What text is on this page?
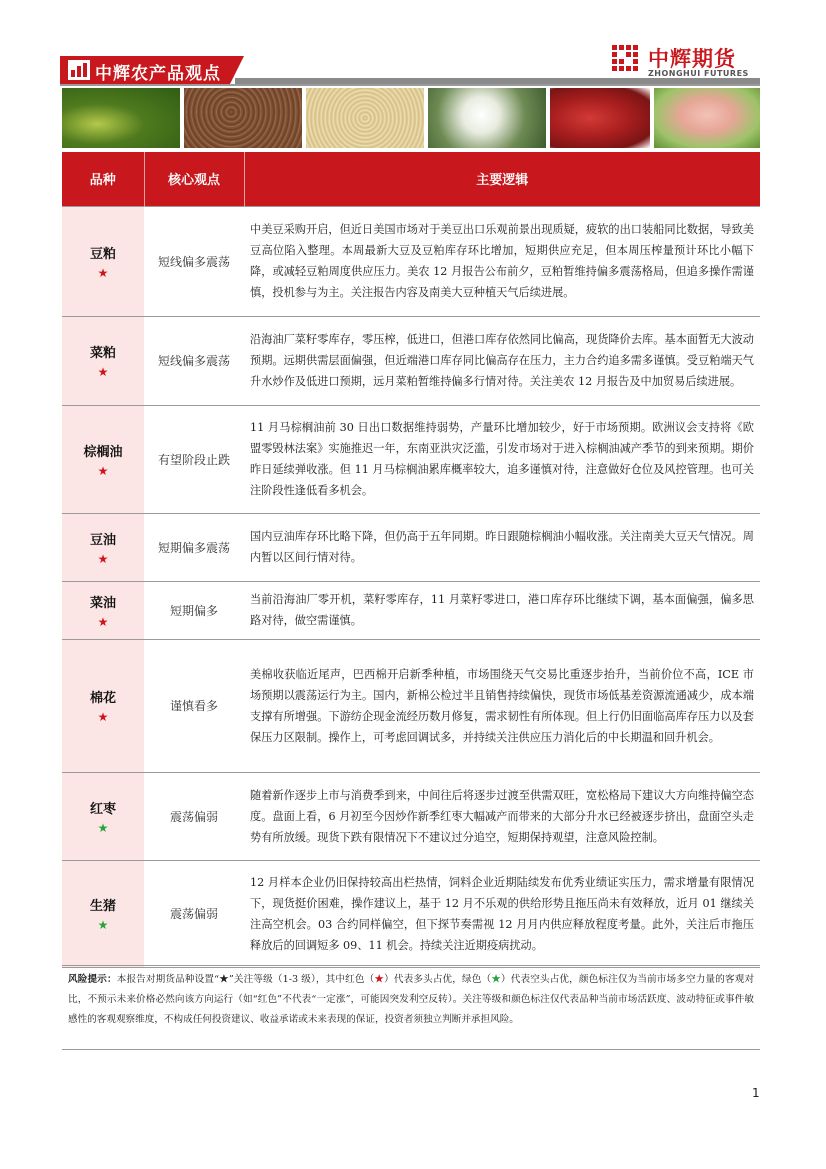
中辉农产品观点
中辉期货
ZHONGHUI FUTURES
品种	核心观点	主要逻辑

豆粕
★	短线偏多震荡	中美豆采购开启，但近日美国市场对于美豆出口乐观前景出现质疑，疲软的出口装船同比数据，导致美豆高位陷入整理。本周最新大豆及豆粕库存环比增加，短期供应充足，但本周压榨量预计环比小幅下降，或减轻豆粕周度供应压力。美农 12 月报告公布前夕，豆粕暂维持偏多震荡格局，但追多操作需谨慎，投机参与为主。关注报告内容及南美大豆种植天气后续进展。

菜粕
★	短线偏多震荡	沿海油厂菜籽零库存，零压榨，低进口，但港口库存依然同比偏高，现货降价去库。基本面暂无大波动预期。远期供需层面偏强，但近端港口库存同比偏高存在压力，主力合约追多需多谨慎。受豆粕端天气升水炒作及低进口预期，远月菜粕暂维持偏多行情对待。关注美农 12 月报告及中加贸易后续进展。

棕榈油
★	有望阶段止跌	11 月马棕榈油前 30 日出口数据维持弱势，产量环比增加较少，好于市场预期。欧洲议会支持将《欧盟零毁林法案》实施推迟一年，东南亚洪灾泛滥，引发市场对于进入棕榈油减产季节的到来预期。期价昨日延续弹收涨。但 11 月马棕榈油累库概率较大，追多谨慎对待，注意做好仓位及风控管理。也可关注阶段性逢低看多机会。

豆油
★	短期偏多震荡	国内豆油库存环比略下降，但仍高于五年同期。昨日跟随棕榈油小幅收涨。关注南美大豆天气情况。周内暂以区间行情对待。

菜油
★	短期偏多	当前沿海油厂零开机，菜籽零库存，11 月菜籽零进口，港口库存环比继续下调，基本面偏强，偏多思路对待，做空需谨慎。

棉花
★	谨慎看多	美棉收获临近尾声，巴西棉开启新季种植，市场围绕天气交易比重逐步抬升，当前价位不高，ICE 市场预期以震荡运行为主。国内，新棉公检过半且销售持续偏快，现货市场低基差资源流通减少，成本端支撑有所增强。下游纺企现金流经历数月修复，需求韧性有所体现。但上行仍旧面临高库存压力以及套保压力区限制。操作上，可考虑回调试多，并持续关注供应压力消化后的中长期温和回升机会。

红枣
★	震荡偏弱	随着新作逐步上市与消费季到来，中间往后将逐步过渡至供需双旺，宽松格局下建议大方向维持偏空态度。盘面上看，6 月初至今因炒作新季红枣大幅减产而带来的大部分升水已经被逐步挤出，盘面空头走势有所放缓。现货下跌有限情况下不建议过分追空，短期保持观望，注意风险控制。

生猪
★	震荡偏弱	12 月样本企业仍旧保持较高出栏热情，饲料企业近期陆续发布优秀业绩证实压力，需求增量有限情况下，现货挺价困难，操作建议上，基于 12 月不乐观的供给形势且拖压尚未有效释放，近月 01 继续关注高空机会。03 合约同样偏空，但下探节奏需视 12 月月内供应释放程度考量。此外，关注后市拖压释放后的回调短多 09、11 机会。持续关注近期疫病扰动。
风险提示：本报告对期货品种设置“★”关注等级（1-3 级），其中红色（★）代表多头占优，绿色（★）代表空头占优，颜色标注仅为当前市场多空力量的客观对比，不预示未来价格必然向该方向运行（如“红色”不代表“一定涨”，可能因突发利空反转）。关注等级和颜色标注仅代表品种当前市场活跃度、波动特征或事件敏感性的客观观察维度，不构成任何投资建议、收益承诺或未来表现的保证，投资者须独立判断并承担风险。
1
